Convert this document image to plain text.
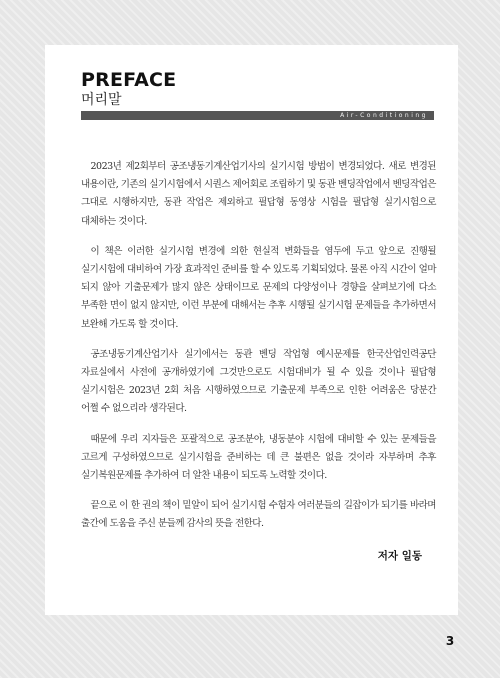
PREFACE
머리말
Air-Conditioning

2023년 제2회부터 공조냉동기계산업기사의 실기시험 방법이 변경되었다. 새로 변경된 내용이란, 기존의 실기시험에서 시퀀스 제어회로 조립하기 및 동관 벤딩작업에서 벤딩작업은 그대로 시행하지만, 동관 작업은 제외하고 필답형 동영상 시험을 필답형 실기시험으로 대체하는 것이다.

이 책은 이러한 실기시험 변경에 의한 현실적 변화들을 염두에 두고 앞으로 진행될 실기시험에 대비하여 가장 효과적인 준비를 할 수 있도록 기획되었다. 물론 아직 시간이 얼마 되지 않아 기출문제가 많지 않은 상태이므로 문제의 다양성이나 경향을 살펴보기에 다소 부족한 면이 없지 않지만, 이런 부분에 대해서는 추후 시행될 실기시험 문제들을 추가하면서 보완해 가도록 할 것이다.

공조냉동기계산업기사 실기에서는 동관 벤딩 작업형 예시문제를 한국산업인력공단 자료실에서 사전에 공개하였기에 그것만으로도 시험대비가 될 수 있을 것이나 필답형 실기시험은 2023년 2회 처음 시행하였으므로 기출문제 부족으로 인한 어려움은 당분간 어쩔 수 없으리라 생각된다.

때문에 우리 지자들은 포괄적으로 공조분야, 냉동분야 시험에 대비할 수 있는 문제들을 고르게 구성하였으므로 실기시험을 준비하는 데 큰 불편은 없을 것이라 자부하며 추후 실기복원문제를 추가하여 더 알찬 내용이 되도록 노력할 것이다.

끝으로 이 한 권의 책이 밑알이 되어 실기시험 수험자 여러분들의 길잡이가 되기를 바라며 출간에 도움을 주신 분들께 감사의 뜻을 전한다.

저자 일동
3
